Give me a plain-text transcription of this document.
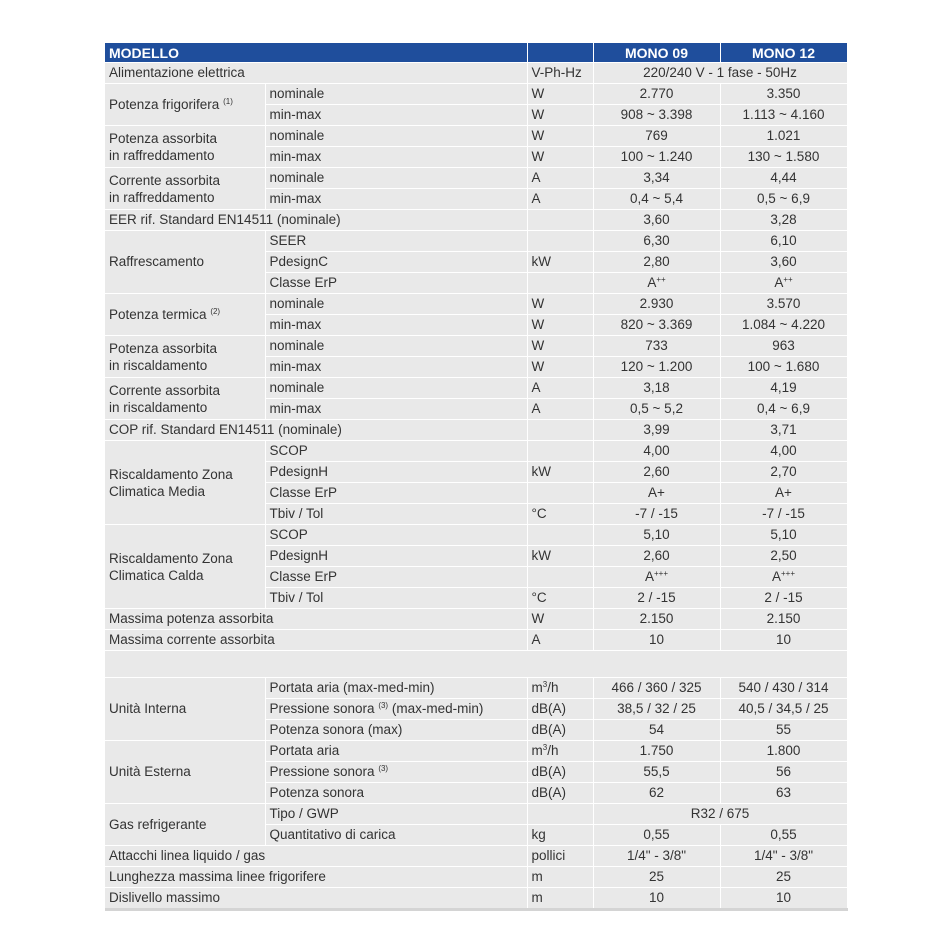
MODELLO			MONO 09	MONO 12
Alimentazione elettrica		V-Ph-Hz	220/240 V - 1 fase - 50Hz	
Potenza frigorifera $^{(1)}$	nominale	W	2.770	3.350
	min-max	W	908 ~ 3.398	1.113 ~ 4.160
Potenza assorbita
in raffreddamento	nominale	W	769	1.021
	min-max	W	100 ~ 1.240	130 ~ 1.580
Corrente assorbita
in raffreddamento	nominale	A	3,34	4,44
	min-max	A	0,4 ~ 5,4	0,5 ~ 6,9
EER rif. Standard EN14511 (nominale)			3,60	3,28
Raffrescamento	SEER		6,30	6,10
	PdesignC	kW	2,80	3,60
	Classe ErP		A++	A++
Potenza termica $^{(2)}$	nominale	W	2.930	3.570
	min-max	W	820 ~ 3.369	1.084 ~ 4.220
Potenza assorbita
in riscaldamento	nominale	W	733	963
	min-max	W	120 ~ 1.200	100 ~ 1.680
Corrente assorbita
in riscaldamento	nominale	A	3,18	4,19
	min-max	A	0,5 ~ 5,2	0,4 ~ 6,9
COP rif. Standard EN14511 (nominale)			3,99	3,71
Riscaldamento Zona
Climatica Media	SCOP		4,00	4,00
	PdesignH	kW	2,60	2,70
	Classe ErP		A+	A+
	Tbiv / Tol	°C	-7 / -15	-7 / -15
Riscaldamento Zona
Climatica Calda	SCOP		5,10	5,10
	PdesignH	kW	2,60	2,50
	Classe ErP		A+++	A+++
	Tbiv / Tol	°C	2 / -15	2 / -15
Massima potenza assorbita		W	2.150	2.150
Massima corrente assorbita		A	10	10

Unità Interna	Portata aria (max-med-min)	$m^3/h$	466 / 360 / 325	540 / 430 / 314
	Pressione sonora $^{(3)}$ (max-med-min)	dB(A)	38,5 / 32 / 25	40,5 / 34,5 / 25
	Potenza sonora (max)	dB(A)	54	55
Unità Esterna	Portata aria	$m^3/h$	1.750	1.800
	Pressione sonora $^{(3)}$	dB(A)	55,5	56
	Potenza sonora	dB(A)	62	63
Gas refrigerante	Tipo / GWP		R32 / 675	
	Quantitativo di carica	kg	0,55	0,55
Attacchi linea liquido / gas		pollici	1/4" - 3/8"	1/4" - 3/8"
Lunghezza massima linee frigorifere		m	25	25
Dislivello massimo		m	10	10
